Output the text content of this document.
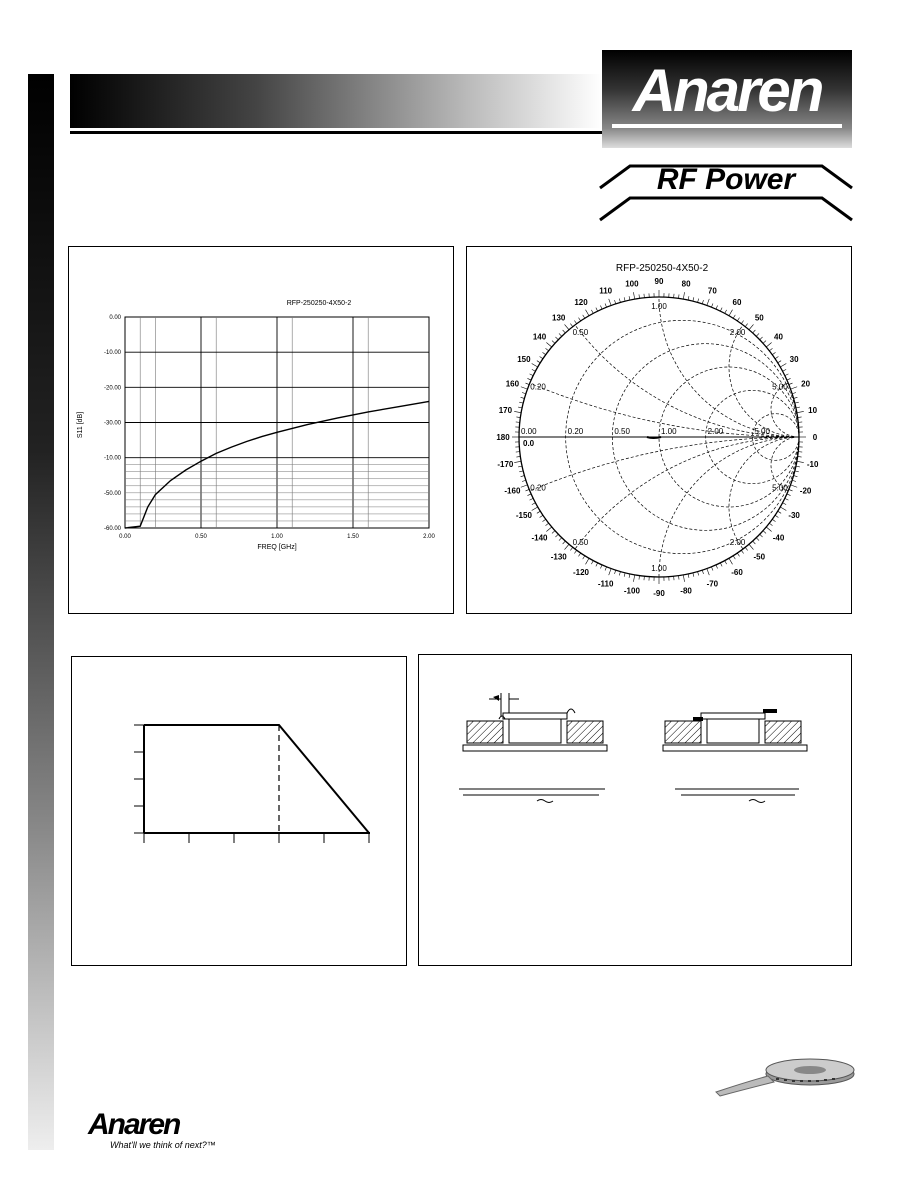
Anaren
RF Power
RFP-250250-4X50-2
S11 [dB]
FREQ [GHz]
0.00
-10.00
-20.00
-30.00
-10.00
-50.00
-60.00
0.00	0.50	1.00	1.50	2.00
RFP-250250-4X50-2
180
170
160
150
140
130
120
110
100 90 80
70
60
50
40
30
20
10
0
-170
-160
-150
-140
-130
-120
-110
-100 -90 -80
-70
-60
-50
-40
-30
-20
-10
0.00	0.20	0.50	1.00	2.00	5.00
0.0
0.20
0.20
0.50
0.50
1.00
1.00
2.00
2.00
5.00
5.00
Anaren
What'll we think of next?™
